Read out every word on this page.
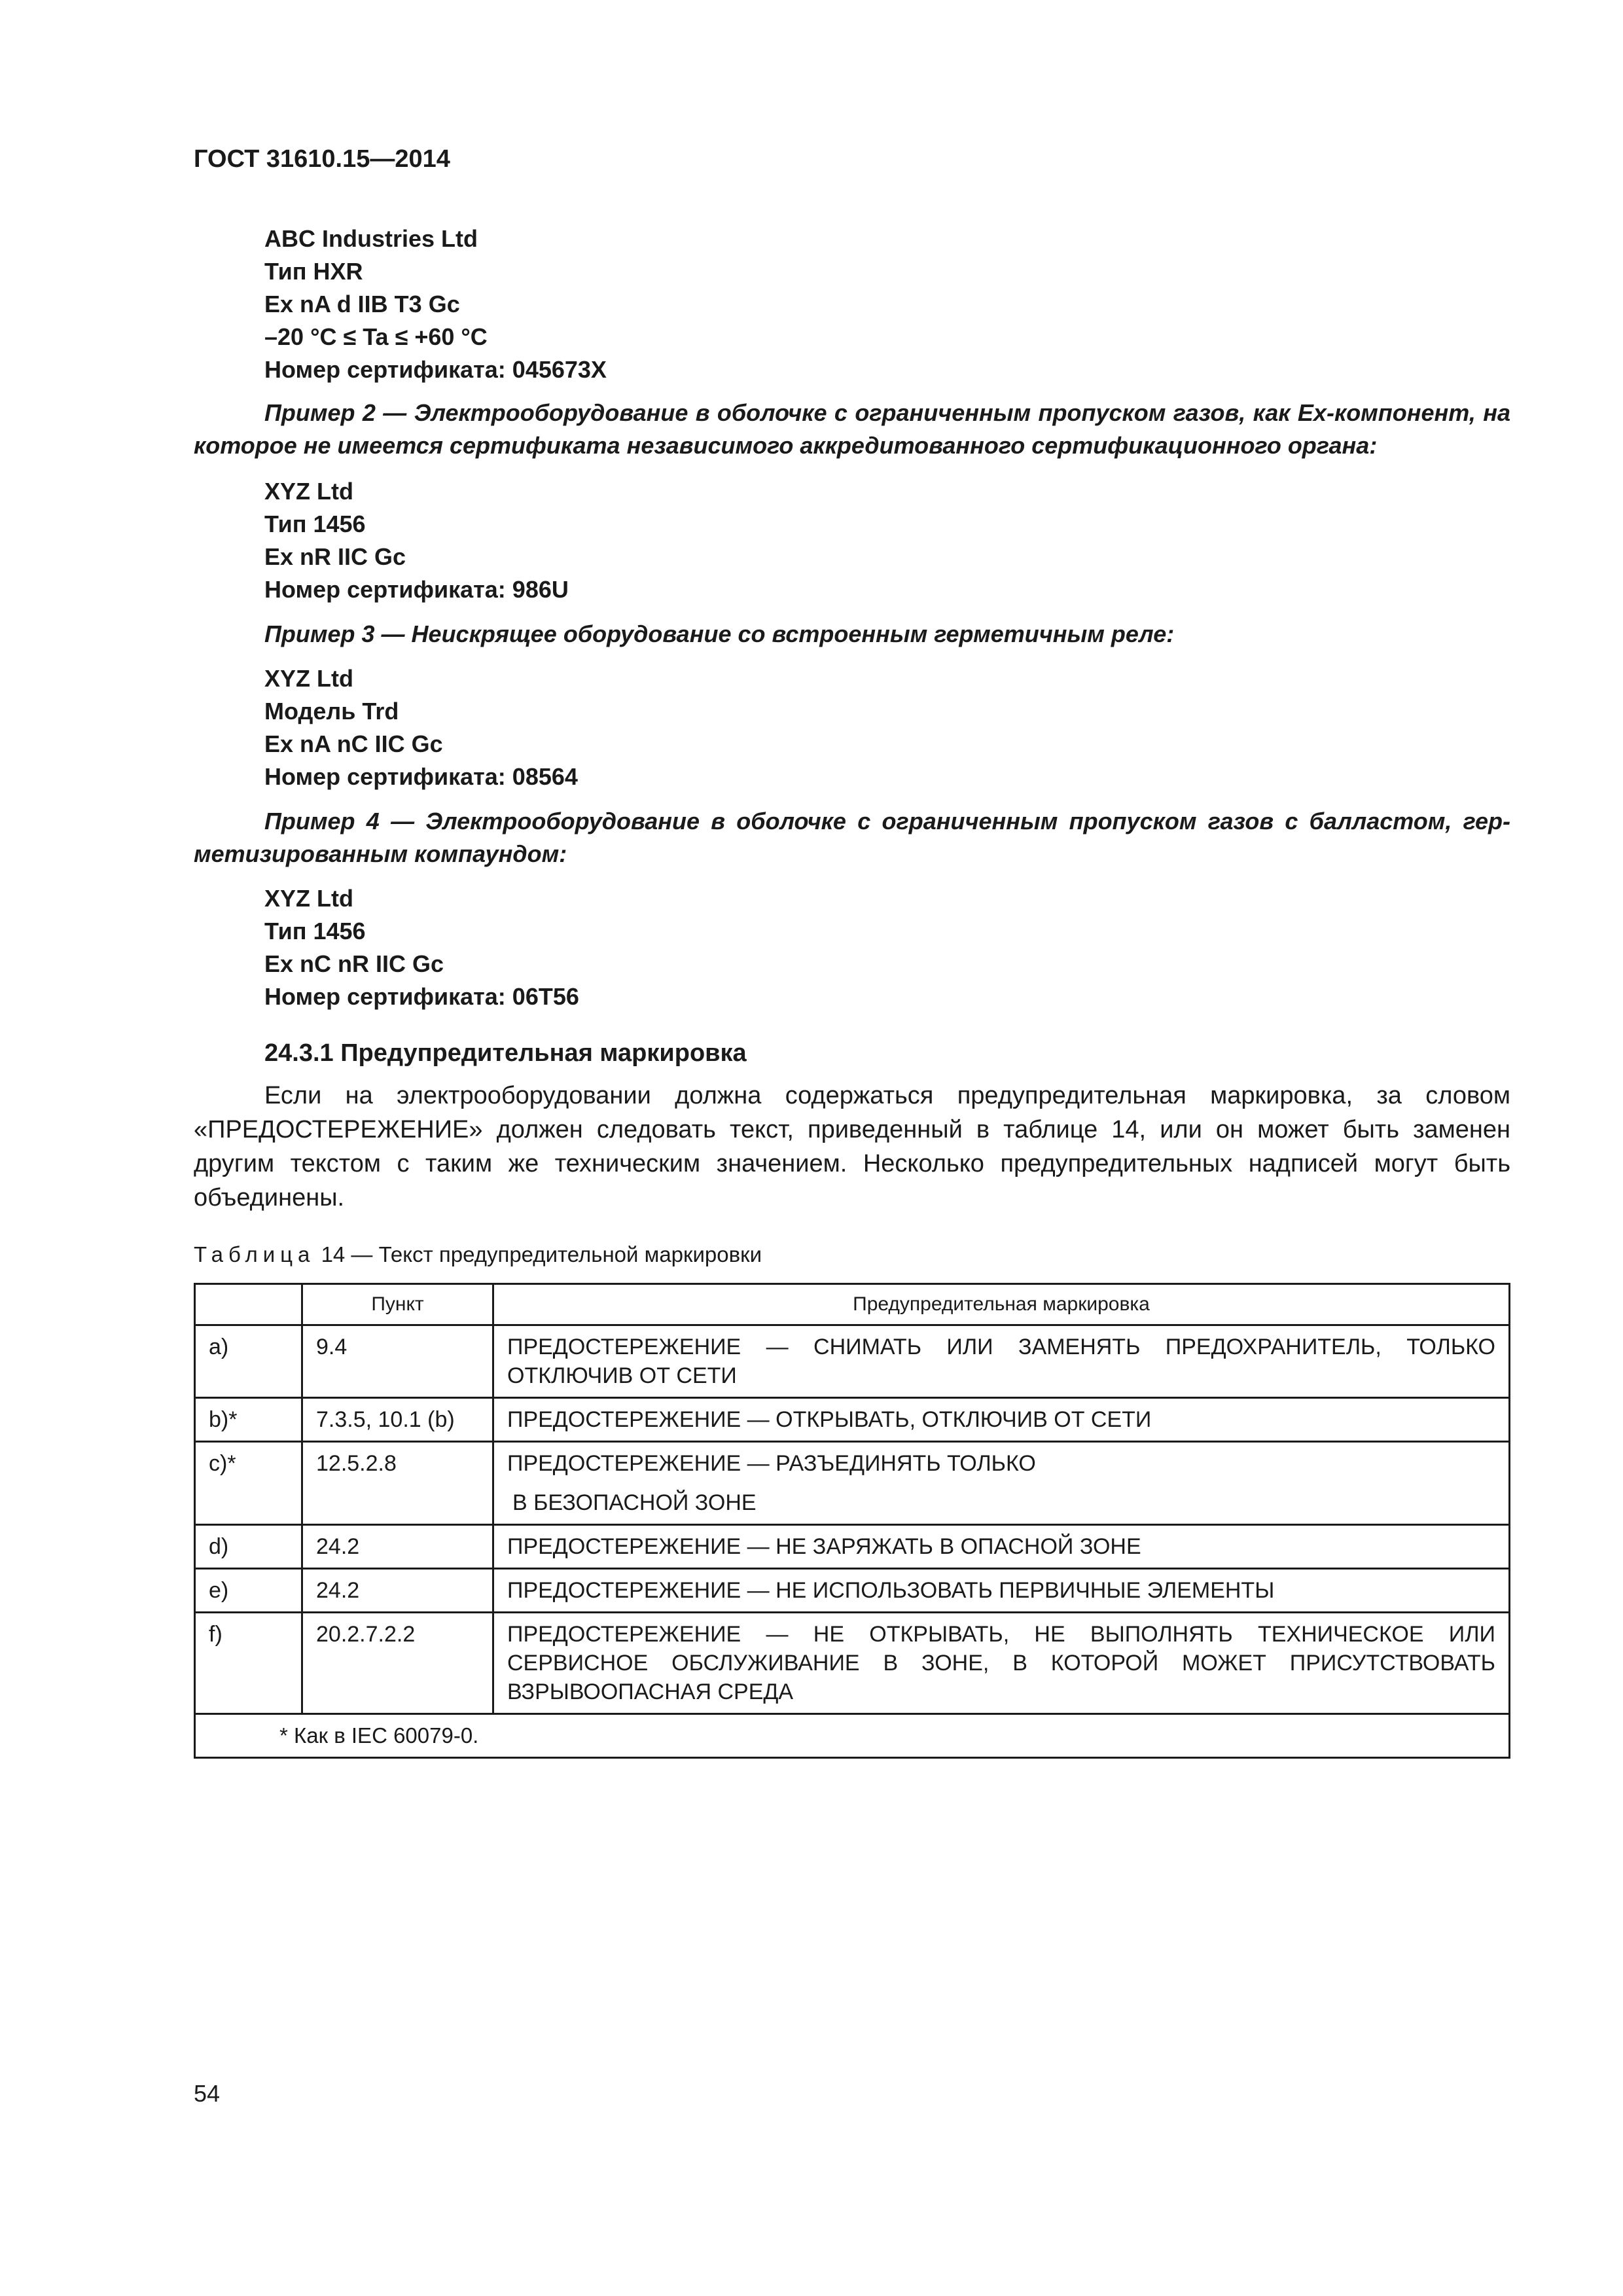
ГОСТ 31610.15—2014
ABC Industries Ltd
Тип HXR
Ex nA d IIB T3 Gc
–20 °C ≤ Ta ≤ +60 °C
Номер сертификата: 045673X
Пример 2 — Электрооборудование в оболочке с ограниченным пропуском газов, как Ex-компонент, на которое не имеется сертификата независимого аккредитованного сертификационного органа:
XYZ Ltd
Тип 1456
Ex nR IIC Gc
Номер сертификата: 986U
Пример 3 — Неискрящее оборудование со встроенным герметичным реле:
XYZ Ltd
Модель Trd
Ex nA nC IIC Gc
Номер сертификата: 08564
Пример 4 — Электрооборудование в оболочке с ограниченным пропуском газов с балластом, гер-метизированным компаундом:
XYZ Ltd
Тип 1456
Ex nC nR IIC Gc
Номер сертификата: 06Т56
24.3.1 Предупредительная маркировка
Если на электрооборудовании должна содержаться предупредительная маркировка, за словом «ПРЕДОСТЕРЕЖЕНИЕ» должен следовать текст, приведенный в таблице 14, или он может быть заменен другим текстом с таким же техническим значением. Несколько предупредительных надписей могут быть объединены.
Таблица 14 — Текст предупредительной маркировки
	Пункт	Предупредительная маркировка
a)	9.4	ПРЕДОСТЕРЕЖЕНИЕ — СНИМАТЬ ИЛИ ЗАМЕНЯТЬ ПРЕДОХРАНИТЕЛЬ, ТОЛЬКО ОТКЛЮЧИВ ОТ СЕТИ
b)*	7.3.5, 10.1 (b)	ПРЕДОСТЕРЕЖЕНИЕ — ОТКРЫВАТЬ, ОТКЛЮЧИВ ОТ СЕТИ
c)*	12.5.2.8	ПРЕДОСТЕРЕЖЕНИЕ — РАЗЪЕДИНЯТЬ ТОЛЬКО
В БЕЗОПАСНОЙ ЗОНЕ

d)	24.2	ПРЕДОСТЕРЕЖЕНИЕ — НЕ ЗАРЯЖАТЬ В ОПАСНОЙ ЗОНЕ
e)	24.2	ПРЕДОСТЕРЕЖЕНИЕ — НЕ ИСПОЛЬЗОВАТЬ ПЕРВИЧНЫЕ ЭЛЕМЕНТЫ
f)	20.2.7.2.2	ПРЕДОСТЕРЕЖЕНИЕ — НЕ ОТКРЫВАТЬ, НЕ ВЫПОЛНЯТЬ ТЕХНИЧЕСКОЕ ИЛИ СЕРВИСНОЕ ОБСЛУЖИВАНИЕ В ЗОНЕ, В КОТОРОЙ МОЖЕТ ПРИСУТСТВОВАТЬ ВЗРЫВООПАСНАЯ СРЕДА
* Как в IEC 60079-0.		
54
